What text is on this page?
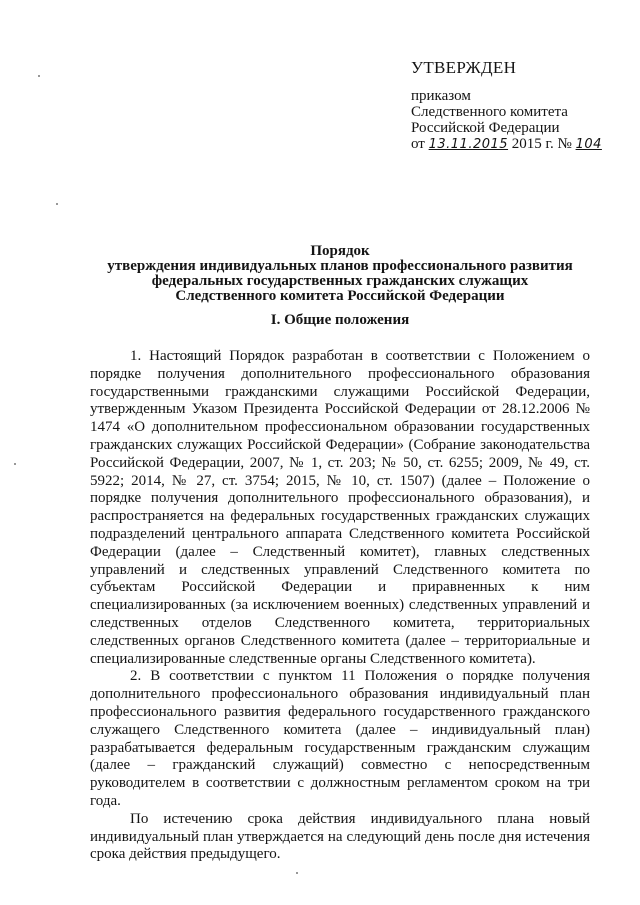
УТВЕРЖДЕН
приказом
Следственного комитета
Российской Федерации
от 13.11.2015 2015 г. № 104
Порядок
утверждения индивидуальных планов профессионального развития
федеральных государственных гражданских служащих
Следственного комитета Российской Федерации
I. Общие положения

1. Настоящий Порядок разработан в соответствии с Положением о порядке получения дополнительного профессионального образования государственными гражданскими служащими Российской Федерации, утвержденным Указом Президента Российской Федерации от 28.12.2006 № 1474 «О дополнительном профессиональном образовании государственных гражданских служащих Российской Федерации» (Собрание законодательства Российской Федерации, 2007, № 1, ст. 203; № 50, ст. 6255; 2009, № 49, ст. 5922; 2014, № 27, ст. 3754; 2015, № 10, ст. 1507) (далее – Положение о порядке получения дополнительного профессионального образования), и распространяется на федеральных государственных гражданских служащих подразделений центрального аппарата Следственного комитета Российской Федерации (далее – Следственный комитет), главных следственных управлений и следственных управлений Следственного комитета по субъектам Российской Федерации и приравненных к ним специализированных (за исключением военных) следственных управлений и следственных отделов Следственного комитета, территориальных следственных органов Следственного комитета (далее – территориальные и специализированные следственные органы Следственного комитета).

2. В соответствии с пунктом 11 Положения о порядке получения дополнительного профессионального образования индивидуальный план профессионального развития федерального государственного гражданского служащего Следственного комитета (далее – индивидуальный план) разрабатывается федеральным государственным гражданским служащим (далее – гражданский служащий) совместно с непосредственным руководителем в соответствии с должностным регламентом сроком на три года.

По истечению срока действия индивидуального плана новый индивидуальный план утверждается на следующий день после дня истечения срока действия предыдущего.
